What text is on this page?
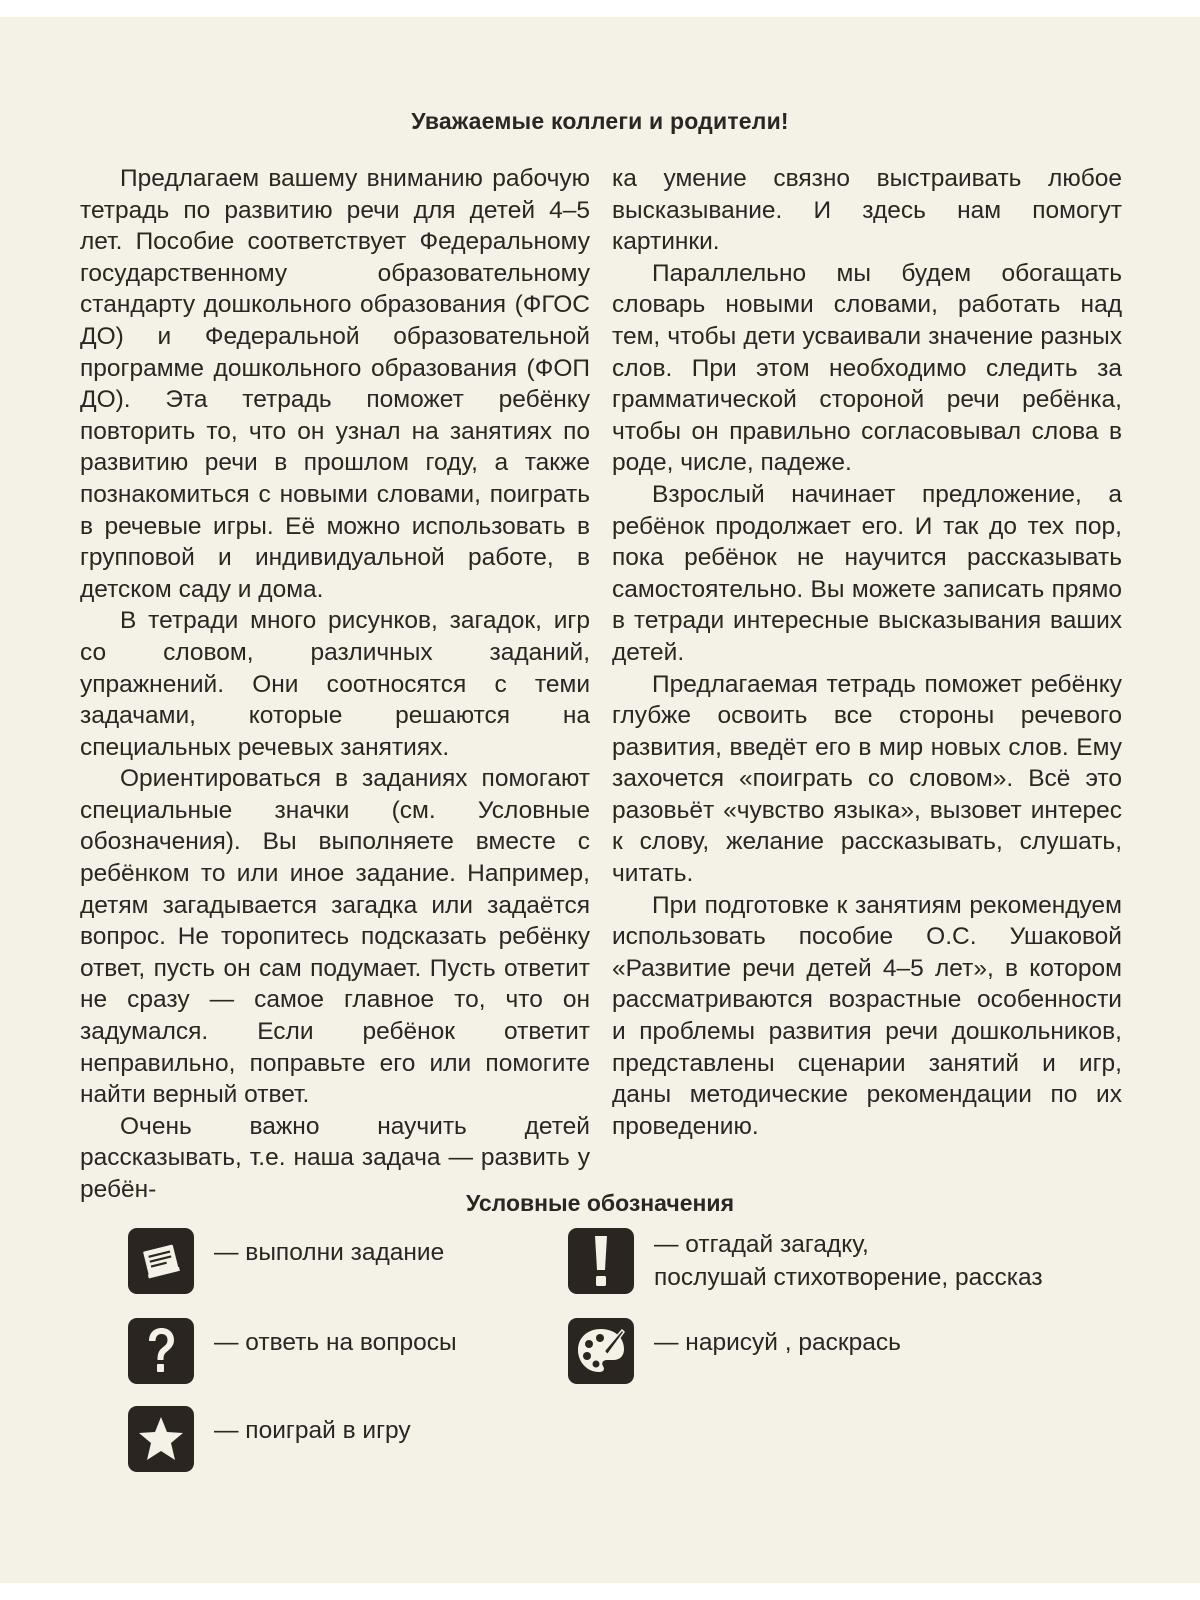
Уважаемые коллеги и родители!

Предлагаем вашему вниманию рабочую тетрадь по развитию речи для детей 4–5 лет. Пособие соответствует Федеральному государственному образовательному стандарту дошкольного образования (ФГОС ДО) и Федеральной образовательной программе дошкольного образования (ФОП ДО). Эта тетрадь поможет ребёнку повторить то, что он узнал на занятиях по развитию речи в прошлом году, а также познакомиться с новыми словами, поиграть в речевые игры. Её можно использовать в групповой и индивидуальной работе, в детском саду и дома.

В тетради много рисунков, загадок, игр со словом, различных заданий, упражнений. Они соотносятся с теми задачами, которые решаются на специальных речевых занятиях.

Ориентироваться в заданиях помогают специальные значки (см. Условные обозначения). Вы выполняете вместе с ребёнком то или иное задание. Например, детям загадывается загадка или задаётся вопрос. Не торопитесь подсказать ребёнку ответ, пусть он сам подумает. Пусть ответит не сразу — самое главное то, что он задумался. Если ребёнок ответит неправильно, поправьте его или помогите найти верный ответ.

Очень важно научить детей рассказывать, т.е. наша задача — развить у ребён-

ка умение связно выстраивать любое высказывание. И здесь нам помогут картинки.

Параллельно мы будем обогащать словарь новыми словами, работать над тем, чтобы дети усваивали значение разных слов. При этом необходимо следить за грамматической стороной речи ребёнка, чтобы он правильно согласовывал слова в роде, числе, падеже.

Взрослый начинает предложение, а ребёнок продолжает его. И так до тех пор, пока ребёнок не научится рассказывать самостоятельно. Вы можете записать прямо в тетради интересные высказывания ваших детей.

Предлагаемая тетрадь поможет ребёнку глубже освоить все стороны речевого развития, введёт его в мир новых слов. Ему захочется «поиграть со словом». Всё это разовьёт «чувство языка», вызовет интерес к слову, желание рассказывать, слушать, читать.

При подготовке к занятиям рекомендуем использовать пособие О.С. Ушаковой «Развитие речи детей 4–5 лет», в котором рассматриваются возрастные особенности и проблемы развития речи дошкольников, представлены сценарии занятий и игр, даны методические рекомендации по их проведению.

Условные обозначения
— выполни задание
— ответь на вопросы
— поиграй в игру
— отгадай загадку,
послушай стихотворение, рассказ
— нарисуй , раскрась
